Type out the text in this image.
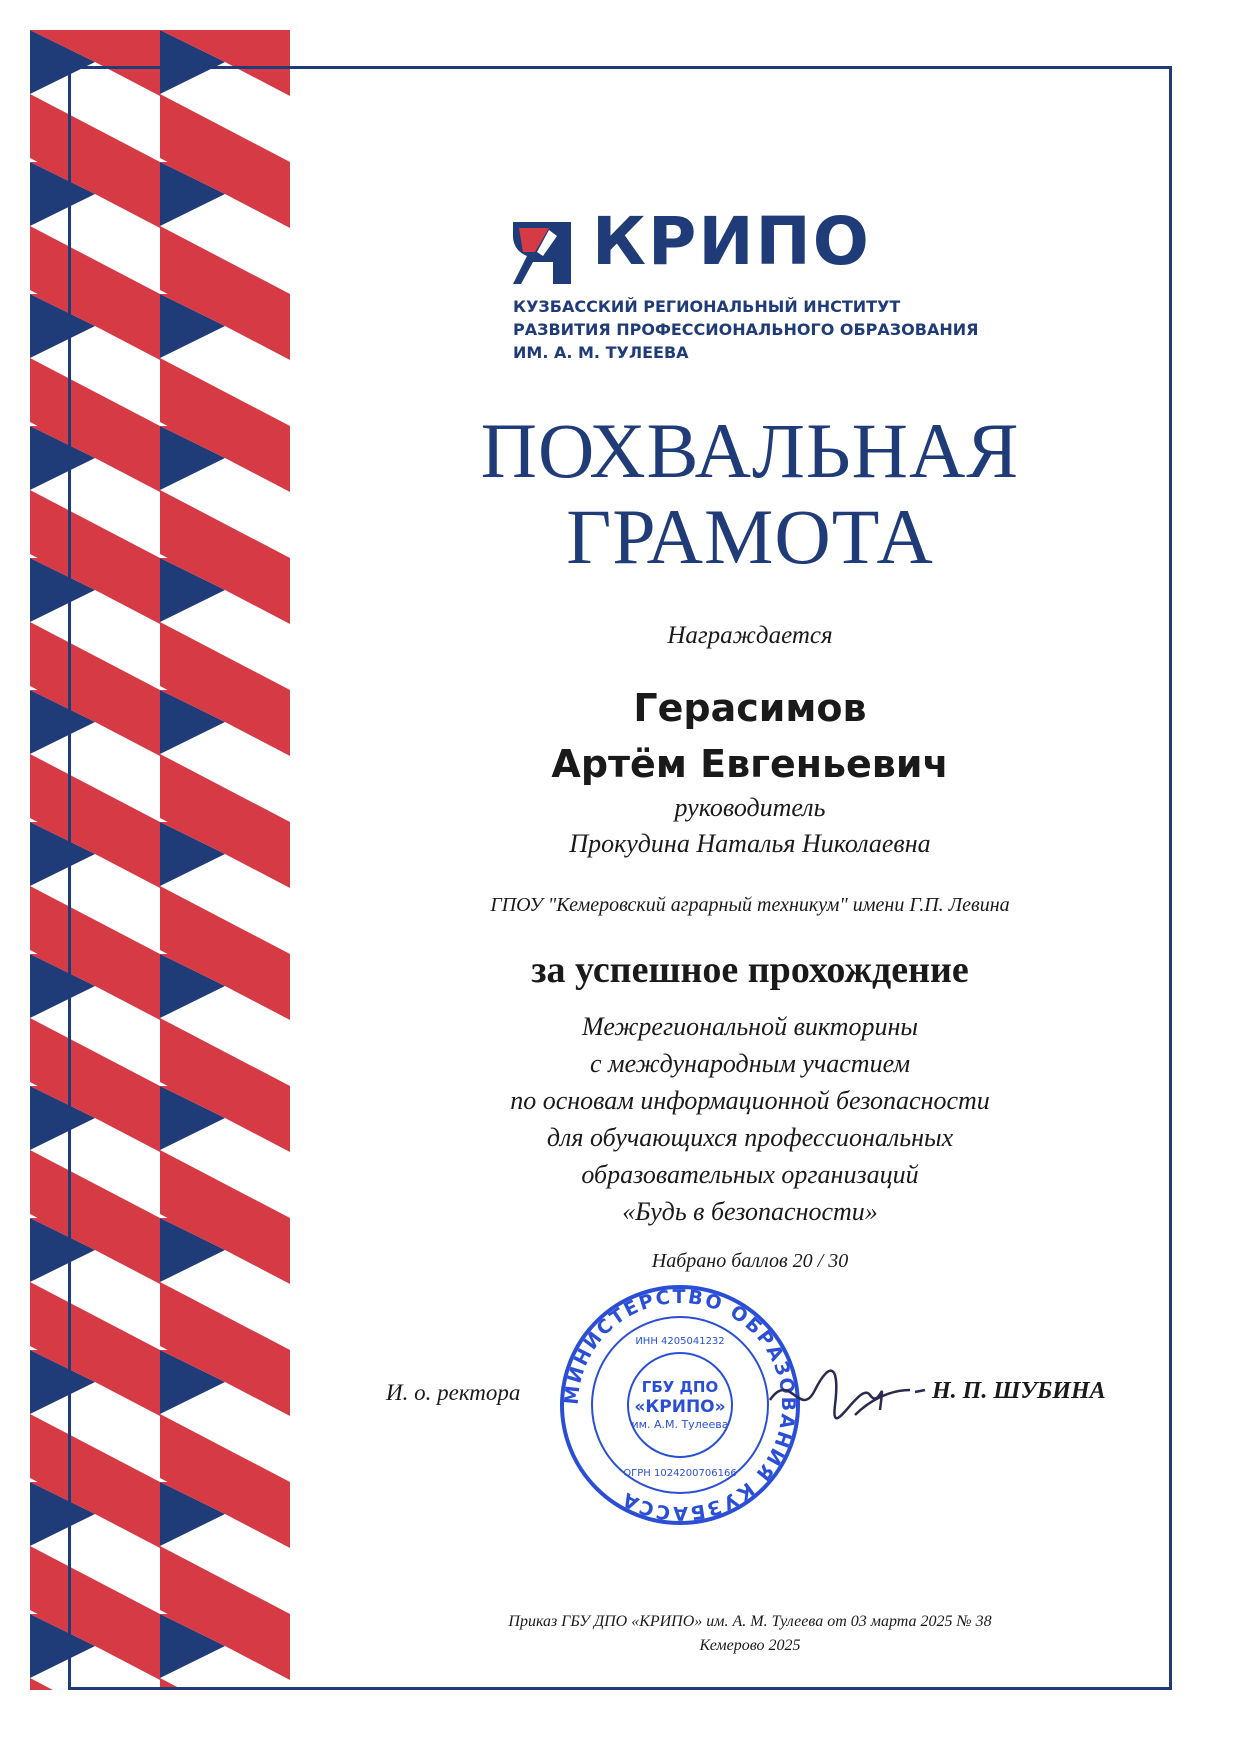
КРИПО
КУЗБАССКИЙ РЕГИОНАЛЬНЫЙ ИНСТИТУТ
РАЗВИТИЯ ПРОФЕССИОНАЛЬНОГО ОБРАЗОВАНИЯ
ИМ. А. М. ТУЛЕЕВА
ПОХВАЛЬНАЯ
ГРАМОТА
Награждается
Герасимов
Артём Евгеньевич
руководитель
Прокудина Наталья Николаевна
ГПОУ "Кемеровский аграрный техникум" имени Г.П. Левина
за успешное прохождение
Межрегиональной викторины
с международным участием
по основам информационной безопасности
для обучающихся профессиональных
образовательных организаций
«Будь в безопасности»
Набрано баллов 20 / 30
МИНИСТЕРСТВО ОБРАЗОВАНИЯ КУЗБАССА
ГБУ ДПО
«КРИПО»
им. А.М. Тулеева
ИНН 4205041232
ОГРН 1024200706166
И. о. ректора	Н. П. ШУБИНА
Приказ ГБУ ДПО «КРИПО» им. А. М. Тулеева от 03 марта 2025 № 38
Кемерово 2025
